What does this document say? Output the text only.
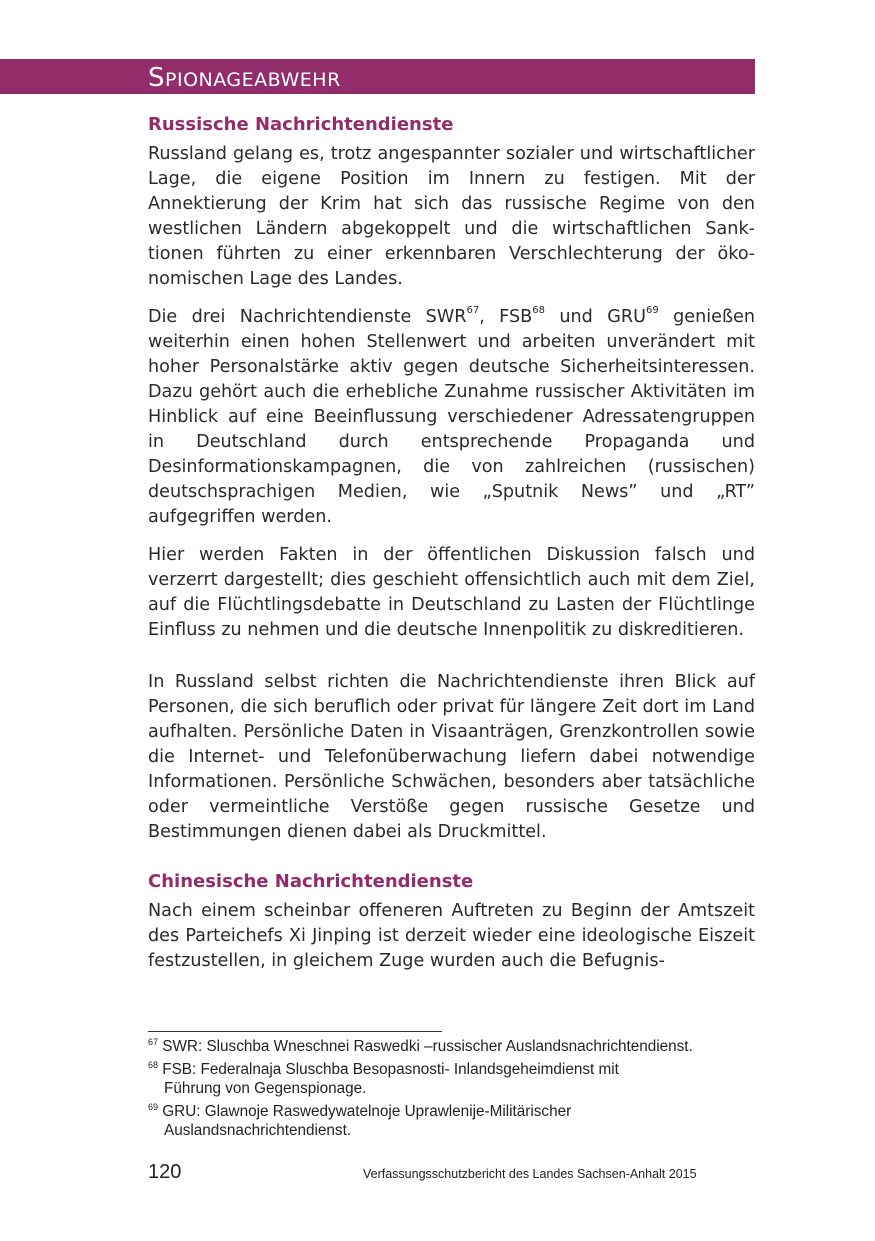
SPIONAGEABWEHR
Russische Nachrichtendienste

Russland gelang es, trotz angespannter sozialer und wirtschaftlicher Lage, die eigene Position im Innern zu festigen. Mit der Annektierung der Krim hat sich das russische Regime von den westlichen Ländern abgekoppelt und die wirtschaftlichen Sanktionen führten zu einer erkennbaren Verschlechterung der ökonomischen Lage des Landes.

Die drei Nachrichtendienste SWR$^{67}$, FSB$^{68}$ und GRU$^{69}$ genießen weiterhin einen hohen Stellenwert und arbeiten unverändert mit hoher Personalstärke aktiv gegen deutsche Sicherheitsinteressen. Dazu gehört auch die erhebliche Zunahme russischer Aktivitäten im Hinblick auf eine Beeinflussung verschiedener Adressatengruppen in Deutschland durch entsprechende Propaganda und Desinformationskampagnen, die von zahlreichen (russischen) deutschsprachigen Medien, wie „Sputnik News” und „RT” aufgegriffen werden.

Hier werden Fakten in der öffentlichen Diskussion falsch und verzerrt dargestellt; dies geschieht offensichtlich auch mit dem Ziel, auf die Flüchtlingsdebatte in Deutschland zu Lasten der Flüchtlinge Einfluss zu nehmen und die deutsche Innenpolitik zu diskreditieren.

In Russland selbst richten die Nachrichtendienste ihren Blick auf Personen, die sich beruflich oder privat für längere Zeit dort im Land aufhalten. Persönliche Daten in Visaanträgen, Grenzkontrollen sowie die Internet- und Telefonüberwachung liefern dabei notwendige Informationen. Persönliche Schwächen, besonders aber tatsächliche oder vermeintliche Verstöße gegen russische Gesetze und Bestimmungen dienen dabei als Druckmittel.

Chinesische Nachrichtendienste

Nach einem scheinbar offeneren Auftreten zu Beginn der Amtszeit des Parteichefs Xi Jinping ist derzeit wieder eine ideologische Eiszeit festzustellen, in gleichem Zuge wurden auch die Befugnis-

$^{67}$ SWR: Sluschba Wneschnei Raswedki –russischer Auslandsnachrichtendienst.
$^{68}$ FSB: Federalnaja Sluschba Besopasnosti- Inlandsgeheimdienst mit
Führung von Gegenspionage.
$^{69}$ GRU: Glawnoje Raswedywatelnoje Uprawlenije-Militärischer
Auslandsnachrichtendienst.
120	Verfassungsschutzbericht des Landes Sachsen-Anhalt 2015
